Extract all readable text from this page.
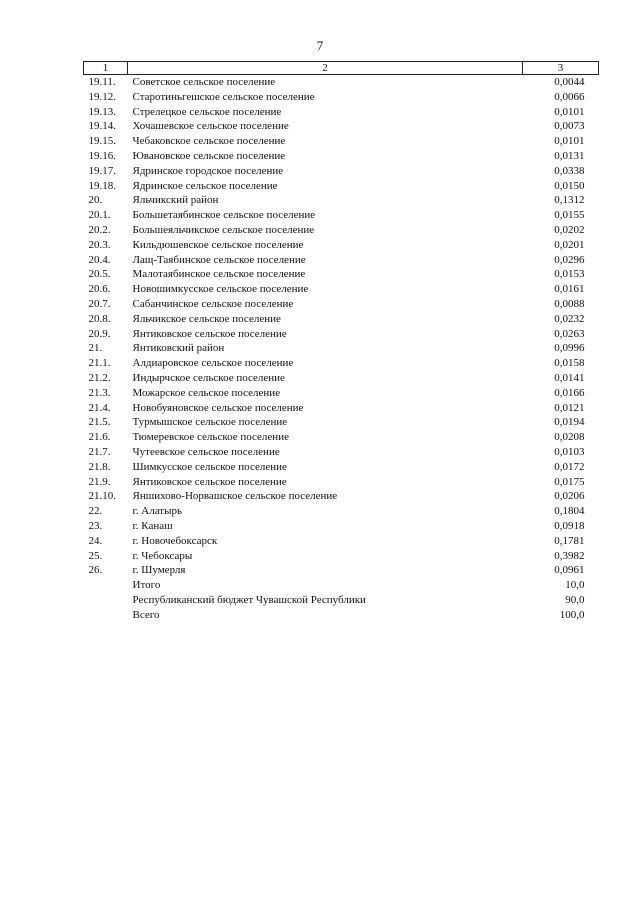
7
1	2	3
19.11.	Советское сельское поселение	0,0044
19.12.	Старотиньгешское сельское поселение	0,0066
19.13.	Стрелецкое сельское поселение	0,0101
19.14.	Хочашевское сельское поселение	0,0073
19.15.	Чебаковское сельское поселение	0,0101
19.16.	Ювановское сельское поселение	0,0131
19.17.	Ядринское городское поселение	0,0338
19.18.	Ядринское сельское поселение	0,0150
20.	Яльчикский район	0,1312
20.1.	Большетаябинское сельское поселение	0,0155
20.2.	Большеяльчикское сельское поселение	0,0202
20.3.	Кильдюшевское сельское поселение	0,0201
20.4.	Лащ-Таябинское сельское поселение	0,0296
20.5.	Малотаябинское сельское поселение	0,0153
20.6.	Новошимкусское сельское поселение	0,0161
20.7.	Сабанчинское сельское поселение	0,0088
20.8.	Яльчикское сельское поселение	0,0232
20.9.	Янтиковское сельское поселение	0,0263
21.	Янтиковский район	0,0996
21.1.	Алдиаровское сельское поселение	0,0158
21.2.	Индырчское сельское поселение	0,0141
21.3.	Можарское сельское поселение	0,0166
21.4.	Новобуяновское сельское поселение	0,0121
21.5.	Турмышское сельское поселение	0,0194
21.6.	Тюмеревское сельское поселение	0,0208
21.7.	Чутеевское сельское поселение	0,0103
21.8.	Шимкусское сельское поселение	0,0172
21.9.	Янтиковское сельское поселение	0,0175
21.10.	Яншихово-Норвашское сельское поселение	0,0206
22.	г. Алатырь	0,1804
23.	г. Канаш	0,0918
24.	г. Новочебоксарск	0,1781
25.	г. Чебоксары	0,3982
26.	г. Шумерля	0,0961
	Итого	10,0
	Республиканский бюджет Чувашской Республики	90,0
	Всего	100,0
